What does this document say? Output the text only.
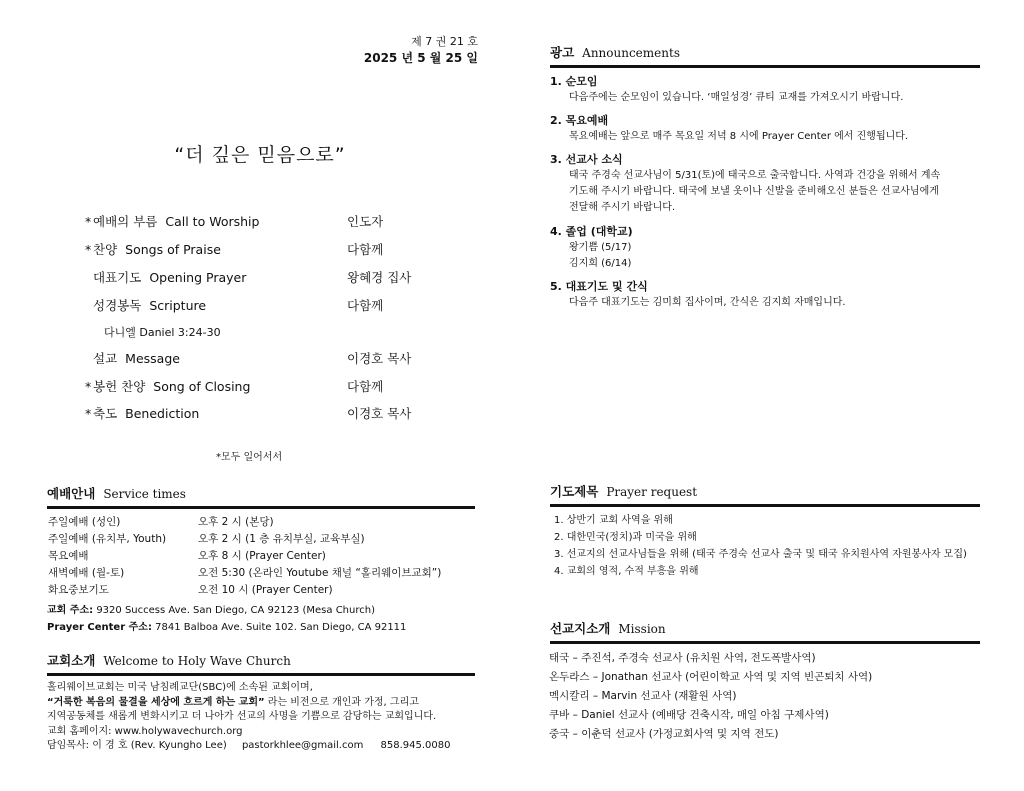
제 7 권 21 호
2025 년 5 월 25 일
“더 깊은 믿음으로”
* 예배의 부름 Call to Worship	인도자
* 찬양 Songs of Praise	다함께
대표기도 Opening Prayer	왕혜경 집사
성경봉독 Scripture	다함께
다니엘 Daniel 3:24-30
설교 Message	이경호 목사
* 봉헌 찬양 Song of Closing	다함께
* 축도 Benediction	이경호 목사
*모두 일어서서
예배안내 Service times
주일예배 (성인)	오후 2 시 (본당)
주일예배 (유치부, Youth)	오후 2 시 (1 층 유치부실, 교육부실)
목요예배	오후 8 시 (Prayer Center)
새벽예배 (월-토)	오전 5:30 (온라인 Youtube 채널 “홀리웨이브교회”)
화요중보기도	오전 10 시 (Prayer Center)
교회 주소: 9320 Success Ave. San Diego, CA 92123 (Mesa Church)
Prayer Center 주소: 7841 Balboa Ave. Suite 102. San Diego, CA 92111
교회소개 Welcome to Holy Wave Church
홀리웨이브교회는 미국 남침례교단(SBC)에 소속된 교회이며,
“거룩한 복음의 물결을 세상에 흐르게 하는 교회” 라는 비전으로 개인과 가정, 그리고
지역공동체를 새롭게 변화시키고 더 나아가 선교의 사명을 기쁨으로 감당하는 교회입니다.
교회 홈페이지: www.holywavechurch.org
담임목사: 이 경 호 (Rev. Kyungho Lee) pastorkhlee@gmail.com 858.945.0080
광고 Announcements
1. 순모임
다음주에는 순모임이 있습니다. ‘매일성경’ 큐티 교재를 가져오시기 바랍니다.
2. 목요예배
목요예배는 앞으로 매주 목요일 저녁 8 시에 Prayer Center 에서 진행됩니다.
3. 선교사 소식
태국 주경숙 선교사님이 5/31(토)에 태국으로 출국합니다. 사역과 건강을 위해서 계속
기도해 주시기 바랍니다. 태국에 보낼 옷이나 신발을 준비해오신 분들은 선교사님에게
전달해 주시기 바랍니다.
4. 졸업 (대학교)
왕기쁨 (5/17)
김지희 (6/14)
5. 대표기도 및 간식
다음주 대표기도는 김미희 집사이며, 간식은 김지희 자매입니다.
기도제목 Prayer request
1. 상반기 교회 사역을 위해
2. 대한민국(정치)과 미국을 위해
3. 선교지의 선교사님들을 위해 (태국 주경숙 선교사 출국 및 태국 유치원사역 자원봉사자 모집)
4. 교회의 영적, 수적 부흥을 위해
선교지소개 Mission
태국 – 주진석, 주경숙 선교사 (유치원 사역, 전도폭발사역)
온두라스 – Jonathan 선교사 (어린이학교 사역 및 지역 빈곤퇴치 사역)
멕시칼리 – Marvin 선교사 (재활원 사역)
쿠바 – Daniel 선교사 (예배당 건축시작, 매일 아침 구제사역)
중국 – 이춘덕 선교사 (가정교회사역 및 지역 전도)
